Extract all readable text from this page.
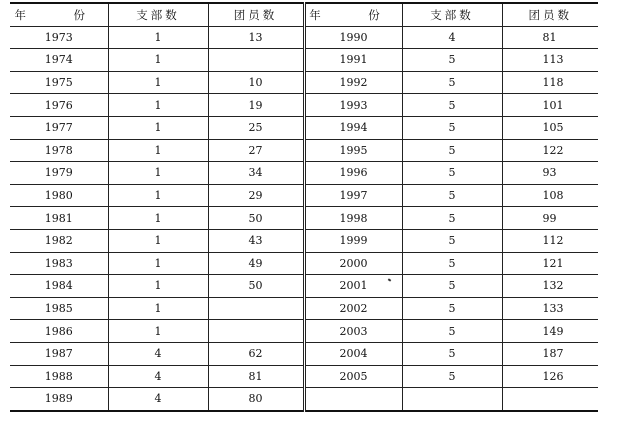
年　份	支部数	团员数	年　份	支部数	团员数
1973	1	13	1990	4	81
1974	1		1991	5	113
1975	1	10	1992	5	118
1976	1	19	1993	5	101
1977	1	25	1994	5	105
1978	1	27	1995	5	122
1979	1	34	1996	5	93
1980	1	29	1997	5	108
1981	1	50	1998	5	99
1982	1	43	1999	5	112
1983	1	49	2000	5	121
1984	1	50	2001	5	132
1985	1		2002	5	133
1986	1		2003	5	149
1987	4	62	2004	5	187
1988	4	81	2005	5	126
1989	4	80			
